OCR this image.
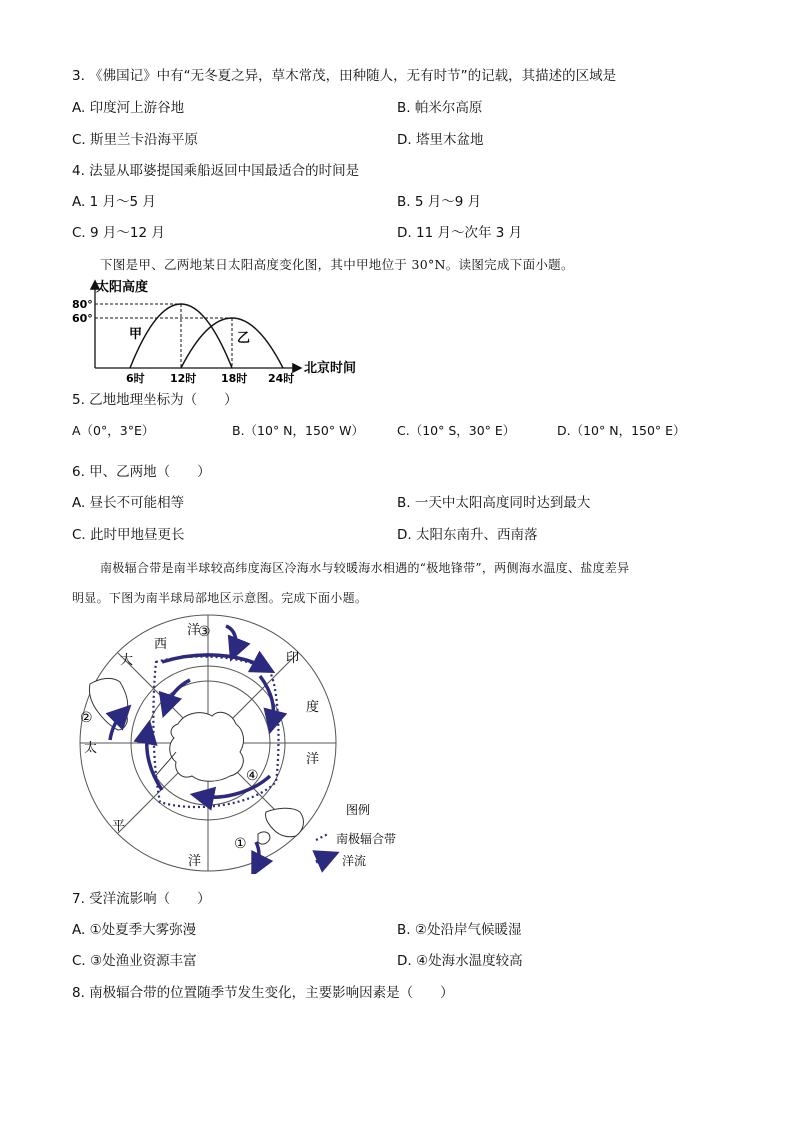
3. 《佛国记》中有“无冬夏之异，草木常茂，田种随人，无有时节”的记载，其描述的区域是
A. 印度河上游谷地	B. 帕米尔高原
C. 斯里兰卡沿海平原	D. 塔里木盆地
4. 法显从耶婆提国乘船返回中国最适合的时间是
A. 1 月～5 月	B. 5 月～9 月
C. 9 月～12 月	D. 11 月～次年 3 月
下图是甲、乙两地某日太阳高度变化图，其中甲地位于 30°N。读图完成下面小题。
太阳高度
北京时间
80°
60°
甲	乙
6时 12时 18时 24时
5. 乙地地理坐标为（　　）
A（0°，3°E）	B.（10° N，150° W）	C.（10° S，30° E）	D.（10° N，150° E）
6. 甲、乙两地（　　）
A. 昼长不可能相等	B. 一天中太阳高度同时达到最大
C. 此时甲地昼更长	D. 太阳东南升、西南落
南极辐合带是南半球较高纬度海区冷海水与较暖海水相遇的“极地锋带”，两侧海水温度、盐度差异
明显。下图为南半球局部地区示意图。完成下面小题。
洋
西
大	印
度
洋
太
平
洋
①
②
③
④
图例
南极辐合带
洋流
7. 受洋流影响（　　）
A. ①处夏季大雾弥漫	B. ②处沿岸气候暖湿
C. ③处渔业资源丰富	D. ④处海水温度较高
8. 南极辐合带的位置随季节发生变化，主要影响因素是（　　）
